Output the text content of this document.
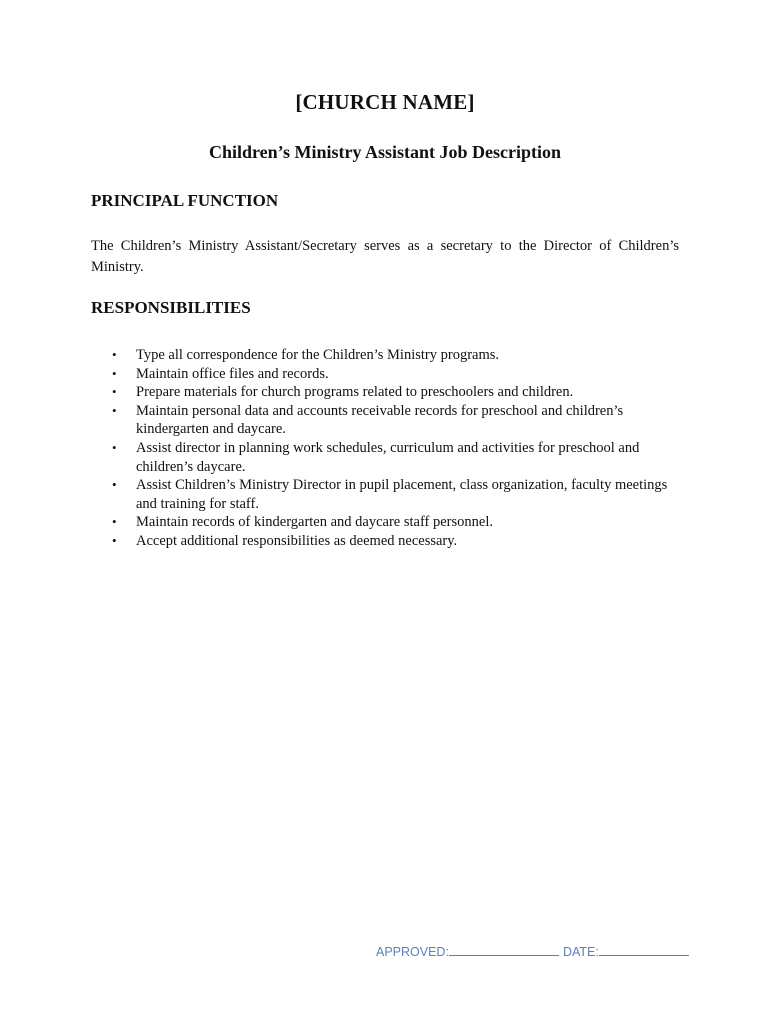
[CHURCH NAME]
Children’s Ministry Assistant Job Description
PRINCIPAL FUNCTION
The Children’s Ministry Assistant/Secretary serves as a secretary to the Director of Children’s Ministry.
RESPONSIBILITIES
• Type all correspondence for the Children’s Ministry programs.
• Maintain office files and records.
• Prepare materials for church programs related to preschoolers and children.
• Maintain personal data and accounts receivable records for preschool and children’s kindergarten and daycare.
• Assist director in planning work schedules, curriculum and activities for preschool and children’s daycare.
• Assist Children’s Ministry Director in pupil placement, class organization, faculty meetings and training for staff.
• Maintain records of kindergarten and daycare staff personnel.
• Accept additional responsibilities as deemed necessary.
APPROVED:	DATE:
